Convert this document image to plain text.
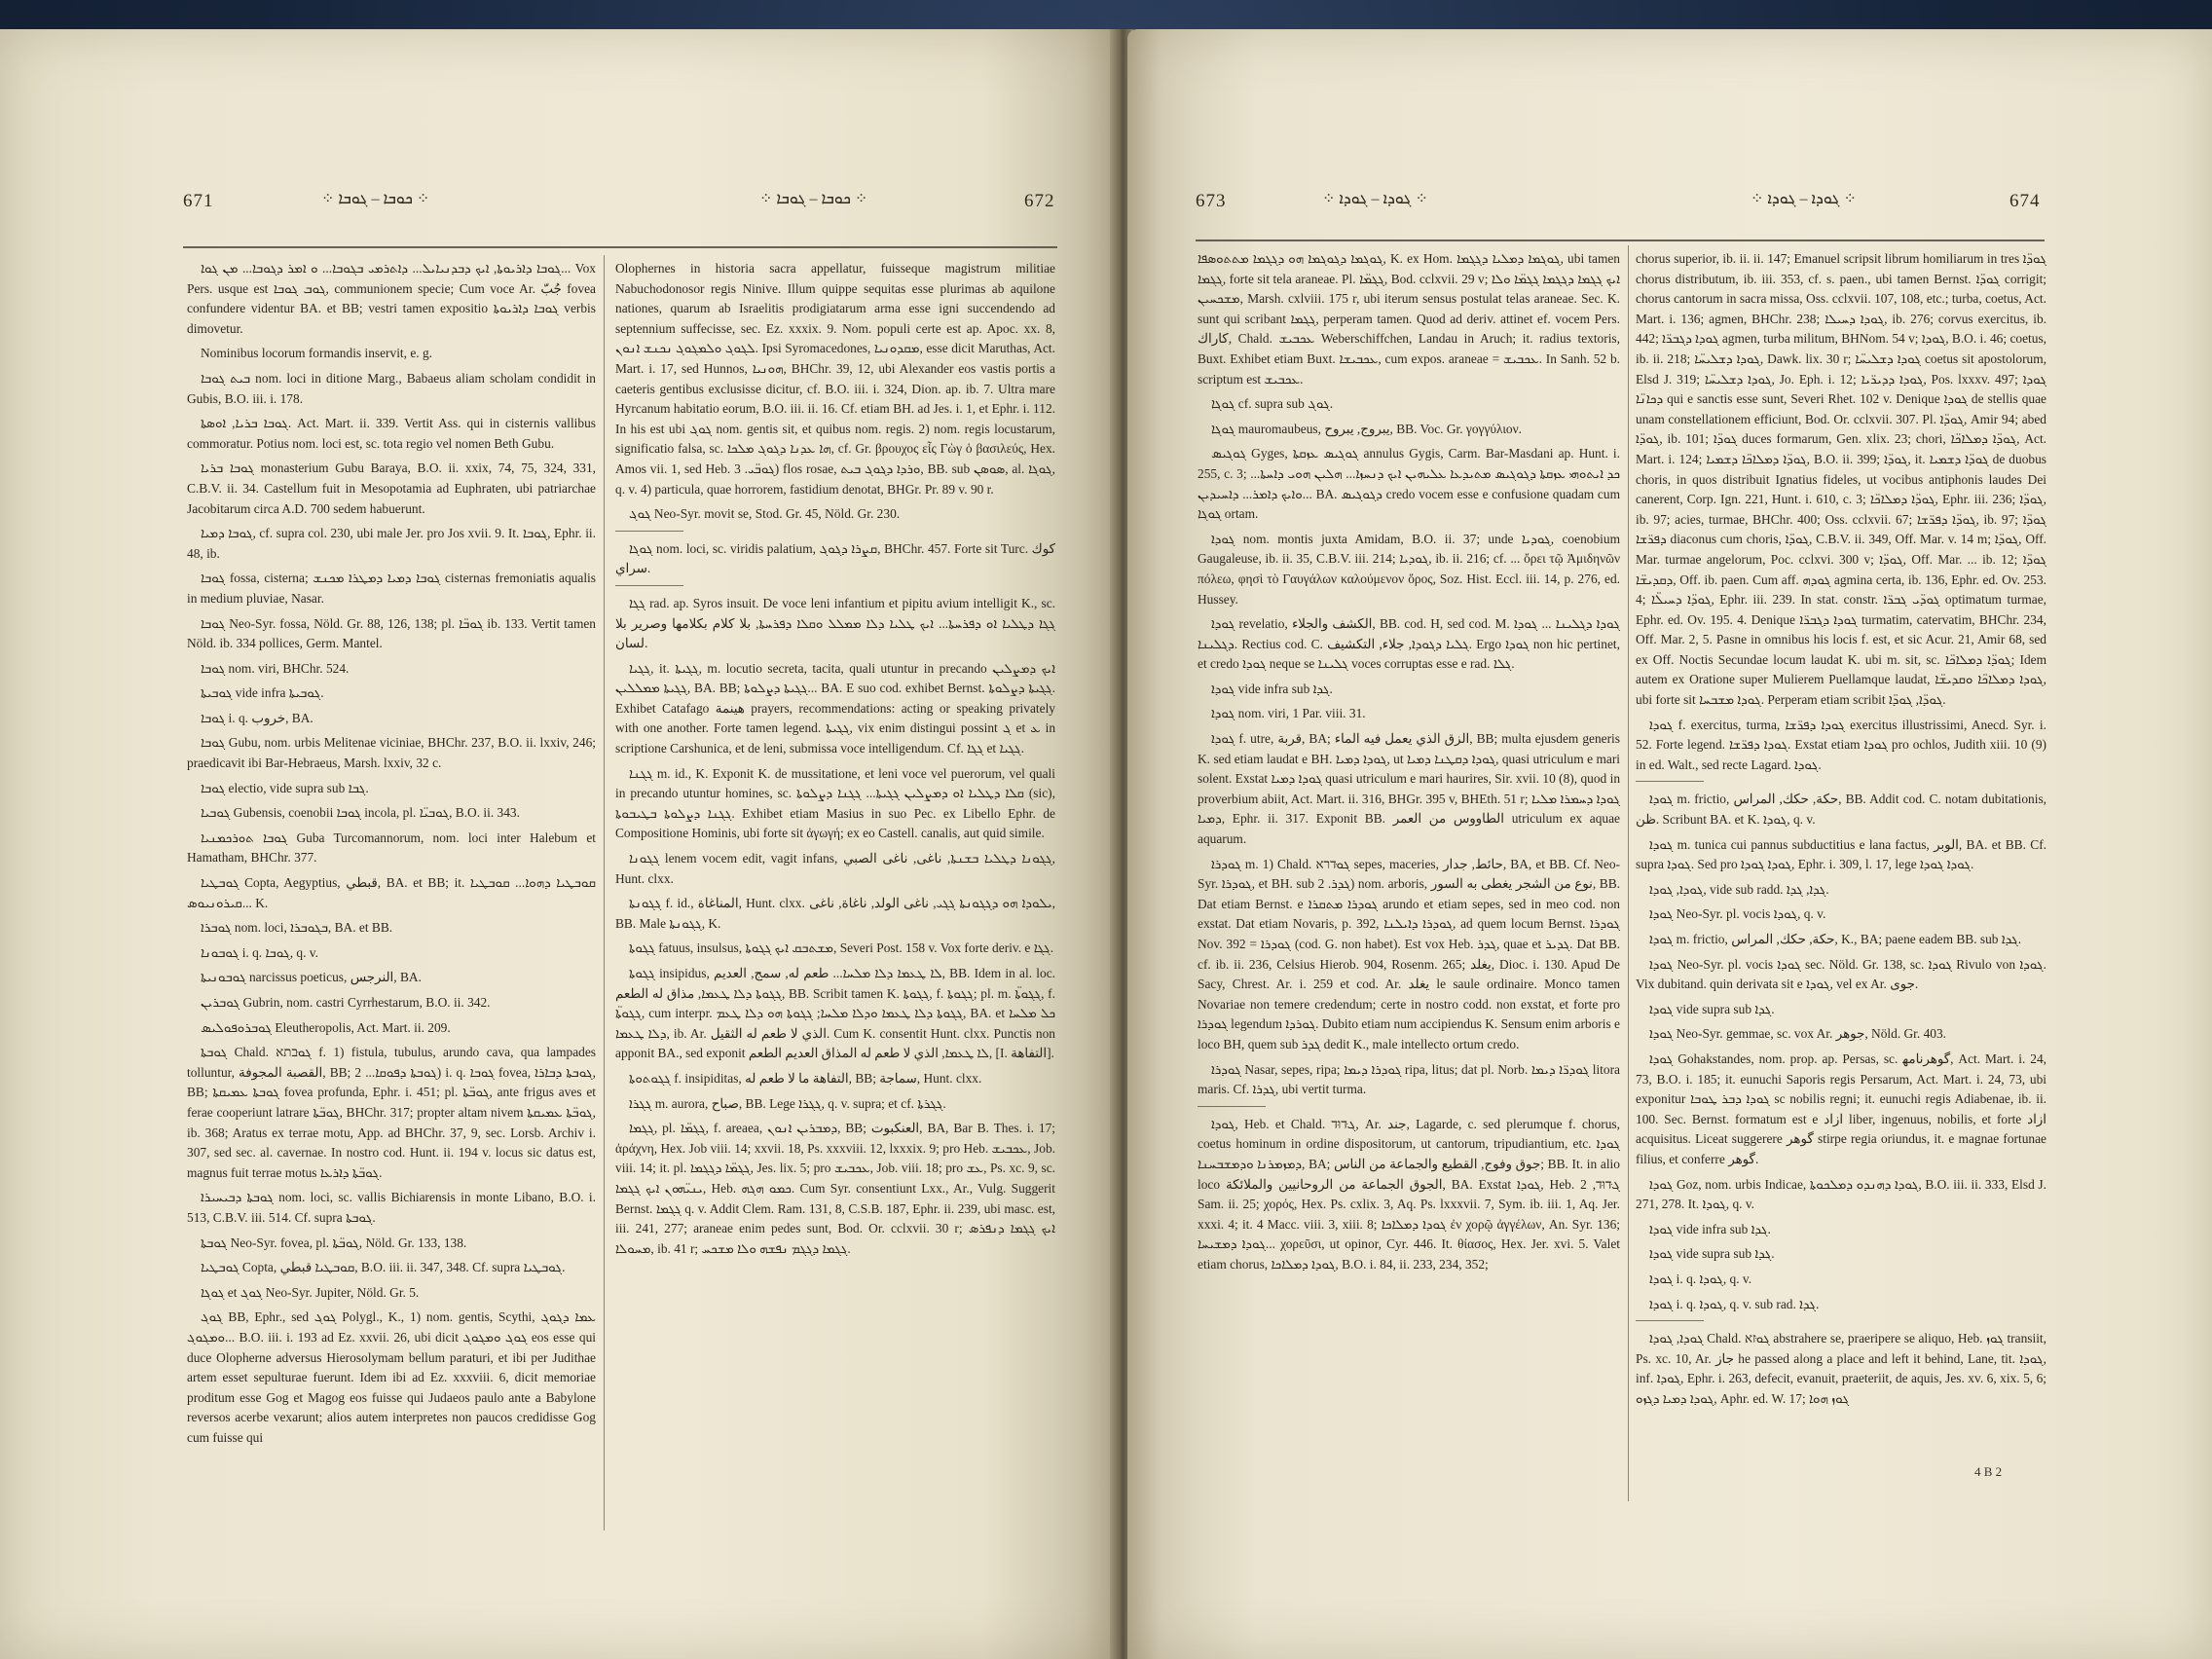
671	⁘ ܟܘܒܐ – ܓܘܒܐ ⁘	⁘ ܟܘܒܐ – ܓܘܒܐ ⁘	672

ܓܘܒܐ ܕܐܪܝܘܬܐ, ܐܝܟ ܕܒܕܢܝܐܝܠ... ܕܐܬܪܡܝ ܒܓܘܒܐ... ܘ ܐܡܪ ܕܓܘܒܐ... ܡܢ ܓܘܐ... Vox Pers. usque est ܓܘܒ ܓܘܒܐ, communionem specie; Cum voce Ar. ﺟُﺐّ fovea confundere videntur BA. et BB; vestri tamen expositio ܓܘܒܐ ܕܐܪܝܘܬܐ verbis dimovetur.

Nominibus locorum formandis inservit, e. g.

ܒܝܬ ܓܘܒܐ nom. loci in ditione Marg., Babaeus aliam scholam condidit in Gubis, B.O. iii. i. 178.

ܓܘܒܐ ܒܪܝܐ, ܐܘܣܬܐ. Act. Mart. ii. 339. Vertit Ass. qui in cisternis vallibus commoratur. Potius nom. loci est, sc. tota regio vel nomen Beth Gubu.

ܓܘܒܐ ܒܪܝܐ monasterium Gubu Baraya, B.O. ii. xxix, 74, 75, 324, 331, C.B.V. ii. 34. Castellum fuit in Mesopotamia ad Euphraten, ubi patriarchae Jacobitarum circa A.D. 700 sedem habuerunt.

ܓܘܒܐ ܕܡܝܐ, cf. supra col. 230, ubi male Jer. pro Jos xvii. 9. It. ܓܘܒܐ, Ephr. ii. 48, ib.

ܓܘܒܐ fossa, cisterna; ܓܘܒܐ ܕܡܝܐ ܕܡܛܪܐ ܡܟܢܫ cisternas fremoniatis aqualis in medium pluviae, Nasar.

ܓܘܒܐ Neo-Syr. fossa, Nöld. Gr. 88, 126, 138; pl. ܓܘܒ̈ܐ ib. 133. Vertit tamen Nöld. ib. 334 pollices, Germ. Mantel.

ܓܘܒܐ nom. viri, BHChr. 524.

ܓܘܒܝܬܐ vide infra ܓܘܒܝܬܐ.

ܓܘܒܐ i. q. ﺧﺮﻭﺏ, BA.

ܓܘܒܐ Gubu, nom. urbis Melitenae viciniae, BHChr. 237, B.O. ii. lxxiv, 246; praedicavit ibi Bar-Hebraeus, Marsh. lxxiv, 32 c.

ܓܘܒܐ electio, vide supra sub ܓܒܐ.

ܓܘܒܝܐ Gubensis, coenobii ܓܘܒܐ incola, pl. ܓܘܒܝ̈ܐ, B.O. ii. 343.

ܓܘܒܐ ܬܘܪܟܡܢܝܐ Guba Turcomannorum, nom. loci inter Halebum et Hamatham, BHChr. 377.

ܓܘܒܛܝܐ Copta, Aegyptius, ﻗﺒﻄﻲ, BA. et BB; it. ܩܘܒܛܝܐ ܕܗܘܐ... ܩܘܒܛܝܐ ܩܝܪܘܢܝܘܣ... K.

ܓܘܒܪܐ nom. loci, ܒܓܘܒܪܐ, BA. et BB.

ܓܘܒܘܢܐ i. q. ܓܘܒܐ, q. v.

ܓܘܒܘܢܝܬܐ narcissus poeticus, ﺍﻟﻨﺮﺟﺲ, BA.

ܓܘܒܪܝܢ Gubrin, nom. castri Cyrrhestarum, B.O. ii. 342.

ܓܘܒܪܘܦܘܠܝܣ Eleutheropolis, Act. Mart. ii. 209.

ܓܘܒܬܐ Chald. ܓܘּבתא f. 1) fistula, tubulus, arundo cava, qua lampades tolluntur, ﺍﻟﻘﺼﺒﺔ ﺍﻟﻤﺠﻮﻓﺔ, BB; ܓܘܒܬܐ ܕܦܘܩܐ... 2) i. q. ܓܘܒܐ fovea, ܓܘܒܬܐ ܕܒܐܪܐ, BB; ܓܘܒܬܐ ܥܡܝܩܬܐ fovea profunda, Ephr. i. 451; pl. ܓܘܒ̈ܬܐ, ante frigus aves et ferae cooperiunt latrare ܓܘܒ̈ܬܐ, BHChr. 317; propter altam nivem ܓܘܒ̈ܬܐ ܥܡܝܩܬܐ, ib. 368; Aratus ex terrae motu, App. ad BHChr. 37, 9, sec. Lorsb. Archiv i. 307, sed sec. al. cavernae. In nostro cod. Hunt. ii. 194 v. locus sic datus est, magnus fuit terrae motus ܓܘܒ̈ܬܐ ܕܐܪܥܐ.

ܓܘܒܬܐ ܕܒܝܚܝܪܐ nom. loci, sc. vallis Bichiarensis in monte Libano, B.O. i. 513, C.B.V. iii. 514. Cf. supra ܓܘܒܬܐ.

ܓܘܒܬܐ Neo-Syr. fovea, pl. ܓܘܒ̈ܬܐ, Nöld. Gr. 133, 138.

ܓܘܒܛܝܐ Copta, ܩܘܒܛܝܐ ﻗﺒﻄﻲ, B.O. iii. ii. 347, 348. Cf. supra ܓܘܒܛܝܐ.

ܓܘܓܐ et ܓܘܓ Neo-Syr. Jupiter, Nöld. Gr. 5.

ܓܘܓ BB, Ephr., sed ܓܘܓ Polygl., K., 1) nom. gentis, Scythi, ܥܡܐ ܕܓܘܓ ܘܡܓܘܓ... B.O. iii. i. 193 ad Ez. xxvii. 26, ubi dicit ܓܘܓ ܘܡܓܘܓ eos esse qui duce Olopherne adversus Hierosolymam bellum paraturi, et ibi per Judithae artem esset sepulturae fuerunt. Idem ibi ad Ez. xxxviii. 6, dicit memoriae proditum esse Gog et Magog eos fuisse qui Judaeos paulo ante a Babylone reversos acerbe vexarunt; alios autem interpretes non paucos credidisse Gog cum fuisse qui

Olophernes in historia sacra appellatur, fuisseque magistrum militiae Nabuchodonosor regis Ninive. Illum quippe sequitas esse plurimas ab aquilone nationes, quarum ab Israelitis prodigiatarum arma esse igni succendendo ad septennium suffecisse, sec. Ez. xxxix. 9. Nom. populi certe est ap. Apoc. xx. 8, ܠܓܘܓ ܘܠܡܓܘܓ ܢܟܢܫ ܐܢܘܢ. Ipsi Syromacedones, ܡܩܕܘܢܝܐ, esse dicit Maruthas, Act. Mart. i. 17, sed Hunnos, ܗܘܢܝܐ, BHChr. 39, 12, ubi Alexander eos vastis portis a caeteris gentibus exclusisse dicitur, cf. B.O. iii. i. 324, Dion. ap. ib. 7. Ultra mare Hyrcanum habitatio eorum, B.O. iii. ii. 16. Cf. etiam BH. ad Jes. i. 1, et Ephr. i. 112. In his est ubi ܓܘܓ nom. gentis sit, et quibus nom. regis. 2) nom. regis locustarum, significatio falsa, sc. ܗܐ ܥܕܢܐ ܕܓܘܓ ܡܠܟܐ, cf. Gr. βρουχος εἷς Γὼγ ὁ βασιλεύς, Hex. Amos vii. 1, sed Heb. ܓܘܒ̈ܝ. 3) flos rosae, ܘܪܕܐ ܕܓܘܓ ܒܝܬ, BB. sub ܣܘܣܢ, al. ܓܘܓܐ, q. v. 4) particula, quae horrorem, fastidium denotat, BHGr. Pr. 89 v. 90 r.

ܓܘܓ Neo-Syr. movit se, Stod. Gr. 45, Nöld. Gr. 230.

ܓܘܓܐ nom. loci, sc. viridis palatium, ܩܨܪܐ ܕܓܘܓ, BHChr. 457. Forte sit Turc. ﻛﻮﻙ ﺳﺮﺍﻱ.

ܓܓܐ rad. ap. Syros insuit. De voce leni infantium et pipitu avium intelligit K., sc. ܓܓܐ ܕܛܠܝܐ ܐܘ ܕܦܪܚܬܐ... ܐܝܟ ܛܠܝܐ ܕܠܐ ܡܡܠܠ ܘܩܠܐ ܕܦܪܚܬܐ, ﺑﻼ ﻛﻼﻡ ﺑﻜﻼﻣﻬﺎ ﻭﺻﺮﻳﺮ ﺑﻼ ﻟﺴﺎﻥ.

ܓܓܝܐ, it. ܓܓܝܬܐ, m. locutio secreta, tacita, quali utuntur in precando ܐܝܟ ܕܡܨܠܝܢ ܓܓܝܬܐ ܡܡܠܠܝܢ, BA. BB; ܓܓܝܬܐ ܕܨܠܘܬܐ... BA. E suo cod. exhibet Bernst. ܓܓܝܬܐ ܕܨܠܘܬܐ. Exhibet Catafago ﻫﻴﻨﻤﺔ prayers, recommendations: acting or speaking privately with one another. Forte tamen legend. ܓܓܝܬܐ, vix enim distingui possint ܓ et ܥ in scriptione Carshunica, et de leni, submissa voce intelligendum. Cf. ܓܓܐ et ܓܓܝܐ.

ܓܓܢܐ m. id., K. Exponit K. de mussitatione, et leni voce vel puerorum, vel quali in precando utuntur homines, sc. ܩܠܐ ܕܛܠܝܐ ܐܘ ܕܡܨܠܝܢ ܓܓܝܬܐ... ܓܓܢܐ ܕܨܠܘܬܐ (sic), ܓܓܢܐ ܕܨܠܘܬܐ ܒܛܝܒܘܬܐ. Exhibet etiam Masius in suo Pec. ex Libello Ephr. de Compositione Hominis, ubi forte sit ἀγωγή; ex eo Castell. canalis, aut quid simile.

ܓܓܘܢܐ lenem vocem edit, vagit infans, ܓܓܘܢܐ ܕܛܠܝܐ ܒܫܢܬܐ, ﻧﺎﻏﻰ, ﻧﺎﻏﻰ ﺍﻟﺼﺒﻲ, Hunt. clxx.

ܓܓܘܢܬܐ f. id., ﺍﻟﻤﻨﺎﻏﺎﺓ, Hunt. clxx. ܝܠܘܕܐ ܗܘ ܕܓܓܘܢܬܐ ܓܓܝ, ﻧﺎﻏﻰ ﺍﻟﻮﻟﺪ, ﻧﺎﻏﺎﺓ, ﻧﺎﻏﻰ, BB. Male ܓܓܘܢܬܐ, K.

ܓܓܘܬܐ fatuus, insulsus, ܡܫܬܒܩ ܐܝܟ ܓܓܘܬܐ, Severi Post. 158 v. Vox forte deriv. e ܓܓܐ.

ܓܓܘܬܐ insipidus, ܠܐ ܛܥܡܐ ܕܠܐ ܡܠܚܐ... ﻃﻌﻢ ﻟﻪ, ﺳﻤﺞ, ﺍﻟﻌﺪﻳﻢ, BB. Idem in al. loc. ܓܓܘܬܐ ܕܠܐ ܛܥܡܐ, ﻣﺬﺍﻕ ﻟﻪ ﺍﻟﻄﻌﻢ, BB. Scribit tamen K. ܓܓܘܬܐ, f. ܓܓܘܬܐ; pl. m. ܓܓܘܬ̈ܐ, f. ܓܓܘܬ̈ܐ, cum interpr. ܓܓܘܬܐ ܕܠܐ ܛܥܡܐ ܘܕܠܐ ܡܠܚܐ; ܓܓܘܬܐ ܗܘ ܕܠܐ ܛܥܡ, BA. et ܟܠ ܡܠܚܐ ܕܠܐ ܛܥܡܐ, ib. Ar. ﺍﻟﺬﻱ ﻻ ﻃﻌﻢ ﻟﻪ ﺍﻟﺜﻘﻴﻞ. Cum K. consentit Hunt. clxx. Punctis non apponit BA., sed exponit ܠܐ ܛܥܡܐ, ﺍﻟﺬﻱ ﻻ ﻃﻌﻢ ﻟﻪ ﺍﻟﻤﺬﺍﻕ ﺍﻟﻌﺪﻳﻢ ﺍﻟﻄﻌﻢ, [I. ﺍﻟﺘﻔﺎﻫﺔ].

ܓܓܘܬܘܬܐ f. insipiditas, ﺍﻟﺘﻔﺎﻫﺔ ﻣﺎ ﻻ ﻃﻌﻢ ﻟﻪ, BB; ﺳﻤﺎﺟﺔ, Hunt. clxx.

ܓܓܪܐ m. aurora, ﺻﺒﺎﺡ, BB. Lege ܓܓܪܐ, q. v. supra; et cf. ܓܓܪܬܐ.

ܓܓܡܐ, pl. ܓܓܡ̈ܐ, f. areaea, ܕܡܒܪܝܢ ܐܢܘܢ, BB; ﺍﻟﻌﻨﻜﺒﻮﺕ, BA, Bar B. Thes. i. 17; ἀράχνη, Hex. Job viii. 14; xxvii. 18, Ps. xxxviii. 12, lxxxix. 9; pro Heb. ܥܟܒܝܫ, Job. viii. 14; it. pl. ܓܓܡ̈ܐ ܕܓܓܡܐ, Jes. lix. 5; pro ܥܟܒܝܫ, Job. viii. 18; pro ܥܫ, Ps. xc. 9, sc. ܝܢܝ̈ܗܘܢ ܐܝܟ ܓܓܡܐ, Heb. ܟܡܘ ܗܓܗ. Cum Syr. consentiunt Lxx., Ar., Vulg. Suggerit Bernst. ܓܓܡܐ q. v. Addit Clem. Ram. 131, 8, C.S.B. 187, Ephr. ii. 239, ubi masc. est, iii. 241, 277; araneae enim pedes sunt, Bod. Or. cclxvii. 30 r; ܐܝܟ ܓܓܡܐ ܕܢܦܪܣ ܡܚܘܠܐ, ib. 41 r; ܓܓܡܐ ܕܓܓܡ ܢܦܫܗ ܘܠܐ ܡܫܟܚ.

673	⁘ ܓܘܕܐ – ܓܘܕܐ ⁘	⁘ ܓܘܕܐ – ܓܘܕܐ ⁘	674

ܓܘܓܡܐ ܕܓܘܓܡܐ ܗܘ ܕܓܓܡܐ ܡܬܬܘܣܦܐ, K. ex Hom. ܓܘܓܡܐ ܕܡܠܝܐ ܕܓܓܡܐ, ubi tamen ܓܓܡܐ, forte sit tela araneae. Pl. ܓܓܡ̈ܐ, Bod. cclxvii. 29 v; ܐܝܟ ܓܓܡܐ ܕܓܓܡܐ ܓܓܡ̈ܐ ܘܠܐ ܡܫܟܚܝܢ, Marsh. cxlviii. 175 r, ubi iterum sensus postulat telas araneae. Sec. K. sunt qui scribant ܓܓܡܐ, perperam tamen. Quod ad deriv. attinet ef. vocem Pers. ﻛﺎﺭﺍﻙ, Chald. ܥܟܒܝܫ Weberschiffchen, Landau in Aruch; it. radius textoris, Buxt. Exhibet etiam Buxt. ܥܟܒܝܫܐ, cum expos. araneae = ܥܟܒܝܫ. In Sanh. 52 b. scriptum est ܥܟܒܝܫ.

ܓܘܓܐ cf. supra sub ܓܘܓ.

ܓܘܓܐ mauromaubeus, ﻳﺒﺮﻭﺝ, ﻳﺒﺮﻭﺡ, BB. Voc. Gr. γογγύλιον.

ܓܘܓܝܣ Gyges, ܓܘܓܝܣ ܥܙܩܬܐ annulus Gygis, Carm. Bar-Masdani ap. Hunt. i. 255, c. 3; ܟܕ ܐܝܬܘܗܝ ܥܙܩܬܐ ܕܓܘܓܝܣ ܡܬܝܕܥܐ ܥܠܝܗܝܢ ܐܝܟ ܕܢܚܙܐ... ܗܠܝܢ ܗܘܝ ܕܐܚܬܐ... ܘܐܝܟ ܕܐܡܪ... ܕܐܚܝܕܝܢ... BA. ܕܓܘܓܝܣ credo vocem esse e confusione quadam cum ܓܘܓܐ ortam.

ܓܘܕܐ nom. montis juxta Amidam, B.O. ii. 37; unde ܓܘܕܝܐ, coenobium Gaugaleuse, ib. ii. 35, C.B.V. iii. 214; ܓܘܕܝܐ, ib. ii. 216; cf. ... ὄρει τῷ Ἀμιδηνῶν πόλεω, φησὶ τὸ Γαυγάλων καλούμενον ὄρος, Soz. Hist. Eccl. iii. 14, p. 276, ed. Hussey.

ܓܘܕܐ revelatio, ﺍﻟﻜﺸﻒ ﻭﺍﻟﺠﻼﺀ, BB. cod. H, sed cod. M. ܓܘܕܐ ܕܓܠܝܢܐ ... ܓܘܕܐ ܕܓܠܝܢܐ. Rectius cod. C. ܓܠܝܐ ܕܓܘܕܐ, ﺟﻠﺎﺀ, ﺍﻟﺘﻜﺸﻴﻒ. Ergo ܓܘܕܐ non hic pertinet, et credo ܓܘܕܐ neque se ܓܠܝܢܐ voces corruptas esse e rad. ܓܠܐ.

ܓܘܕܐ vide infra sub ܓܕܐ.

ܓܘܕܐ nom. viri, 1 Par. viii. 31.

ܓܘܕܐ f. utre, ﻗﺮﺑﺔ, BA; ﺍﻟﺰﻕ ﺍﻟﺬﻱ ﻳﻌﻤﻞ ﻓﻴﻪ ﺍﻟﻤﺎﺀ, BB; multa ejusdem generis K. sed etiam laudat e BH. ܓܘܕܐ ܕܡܝܐ, ut ܓܘܕܐ ܕܩܛܢܐ ܕܡܝܐ, quasi utriculum e mari solent. Exstat ܓܘܕܐ ܕܡܝܐ quasi utriculum e mari haurires, Sir. xvii. 10 (8), quod in proverbium abiit, Act. Mart. ii. 316, BHGr. 395 v, BHEth. 51 r; ܓܘܕܐ ܕܚܡܪܐ ܡܠܝܐ ܕܡܝܐ, Ephr. ii. 317. Exponit BB. ﺍﻟﻄﺎﻭﻭﺱ ﻣﻦ ﺍﻟﻌﻤﺮ utriculum ex aquae aquarum.

ܓܘܕܪܐ m. 1) Chald. ܓܘּדרא sepes, maceries, ﺣﺎﺋﻂ, ﺟﺪﺍﺭ, BA, et BB. Cf. Neo-Syr. ܓܘܕܪܐ, et BH. sub ܓܕܪ. 2) nom. arboris, ﻧﻮﻉ ﻣﻦ ﺍﻟﺸﺠﺮ ﻳﻐﻄﻰ ﺑﻪ ﺍﻟﺴﻮﺭ, BB. Dat etiam Bernst. e ܓܘܕܪܐ ܡܬܩܪܐ arundo et etiam sepes, sed in meo cod. non exstat. Dat etiam Novaris, p. 392, ܓܘܕܪܐ ܕܐܝܠܢܐ, ad quem locum Bernst. ܓܘܕܪܐ Nov. 392 = ܓܘܕܪܐ (cod. G. non habet). Est vox Heb. ܓܕܪ, quae et ܓܕܝܪ. Dat BB. cf. ib. ii. 236, Celsius Hierob. 904, Rosenm. 265; ﻳﻐﻠﺪ, Dioc. i. 130. Apud De Sacy, Chrest. Ar. i. 259 et cod. Ar. ﻳﻐﻠﺪ le saule ordinaire. Monco tamen Novariae non temere credendum; certe in nostro codd. non exstat, et forte pro ܓܘܕܪܐ legendum ܓܘܪܕܐ. Dubito etiam num accipiendus K. Sensum enim arboris e loco BH, quem sub ܓܕܪ dedit K., male intellecto ortum credo.

ܓܘܕܪܐ Nasar, sepes, ripa; ܓܘܕܪܐ ܕܝܡܐ ripa, litus; dat pl. Norb. ܓܘܕܪ̈ܐ ܕܝܡܐ litora maris. Cf. ܓܕܪܐ, ubi vertit turma.

ܓܘܕܐ, Heb. et Chald. ܓּדוּד, Ar. ﺟﻨﺪ, Lagarde, c. sed plerumque f. chorus, coetus hominum in ordine dispositorum, ut cantorum, tripudiantium, etc. ܓܘܕܐ ܕܡܙܡܪܢܐ ܘܕܡܫܒܚܢܐ, BA; ﺟﻮﻕ ﻭﻓﻮﺝ, ﺍﻟﻘﻄﻴﻊ ﻭﺍﻟﺠﻤﺎﻋﺔ ﻣﻦ ﺍﻟﻨﺎﺱ; BB. It. in alio loco ﺍﻟﺠﻮﻕ ﺍﻟﺠﻤﺎﻋﺔ ﻣﻦ ﺍﻟﺮﻭﺣﺎﻧﻴﻴﻦ ﻭﺍﻟﻤﻼﺋﻜﺔ, BA. Exstat ܓܘܕܐ, Heb. ܓּדוּד, 2 Sam. ii. 25; χορός, Hex. Ps. cxlix. 3, Aq. Ps. lxxxvii. 7, Sym. ib. iii. 1, Aq. Jer. xxxi. 4; it. 4 Macc. viii. 3, xiii. 8; ܓܘܕܐ ܕܡܠܐܟܐ ἐν χορῷ ἀγγέλων, An. Syr. 136; ܓܘܕܐ ܕܡܫܝܚܐ... χορεῦσι, ut opinor, Cyr. 446. It. θίασος, Hex. Jer. xvi. 5. Valet etiam chorus, ܓܘܕܐ ܕܡܠܐܟܐ, B.O. i. 84, ii. 233, 234, 352;

chorus superior, ib. ii. ii. 147; Emanuel scripsit librum homiliarum in tres ܓܘܕ̈ܐ chorus distributum, ib. iii. 353, cf. s. paen., ubi tamen Bernst. ܓܘܕ̈ܐ corrigit; chorus cantorum in sacra missa, Oss. cclxvii. 107, 108, etc.; turba, coetus, Act. Mart. i. 136; agmen, BHChr. 238; ܓܘܕܐ ܕܚܝܠܐ, ib. 276; corvus exercitus, ib. 442; ܓܘܕܐ ܕܓܒܪ̈ܐ agmen, turba militum, BHNom. 54 v; ܓܘܕܐ, B.O. i. 46; coetus, ib. ii. 218; ܓܘܕܐ ܕܫܠܝܚ̈ܐ, Dawk. lix. 30 r; ܓܘܕܐ ܕܫܠܝܚ̈ܐ coetus sit apostolorum, Elsd J. 319; ܓܘܕܐ ܕܫܠܝܚ̈ܐ, Jo. Eph. i. 12; ܓܘܕܐ ܕܕܝܪ̈ܝܐ, Pos. lxxxv. 497; ܓܘܕܐ ܕܟܐܢ̈ܐ qui e sanctis esse sunt, Severi Rhet. 102 v. Denique ܓܘܕܐ de stellis quae unam constellationem efficiunt, Bod. Or. cclxvii. 307. Pl. ܓܘܕ̈ܐ, Amir 94; abed ܓܘܕ̈ܐ, ib. 101; ܓܘܕ̈ܐ duces formarum, Gen. xlix. 23; chori, ܓܘܕ̈ܐ ܕܡܠܐܟ̈ܐ, Act. Mart. i. 124; ܓܘܕ̈ܐ ܕܡܠܐܟ̈ܐ ܕܫܡܝܐ, B.O. ii. 399; ܓܘܕ̈ܐ, it. ܓܘܕ̈ܐ ܕܫܡܝܐ de duobus choris, in quos distribuit Ignatius fideles, ut vocibus antiphonis laudes Dei canerent, Corp. Ign. 221, Hunt. i. 610, c. 3; ܓܘܕ̈ܐ ܕܡܠܐܟ̈ܐ, Ephr. iii. 236; ܓܘܕ̈ܐ, ib. 97; acies, turmae, BHChr. 400; Oss. cclxvii. 67; ܓܘܕ̈ܐ ܕܦܪ̈ܫܐ, ib. 97; ܓܘܕ̈ܐ ܕܦܪ̈ܫܐ diaconus cum choris, ܓܘܕ̈ܐ, C.B.V. ii. 349, Off. Mar. v. 14 m; ܓܘܕ̈ܐ, Off. Mar. turmae angelorum, Poc. cclxvi. 300 v; ܓܘܕ̈ܐ, Off. Mar. ... ib. 12; ܓܘܕ̈ܐ ܕܩܕܝܫ̈ܐ, Off. ib. paen. Cum aff. ܓܘܕܗ agmina certa, ib. 136, Ephr. ed. Ov. 253. 4; ܓܘܕ̈ܐ ܕܚܝܠ̈ܐ, Ephr. iii. 239. In stat. constr. ܓܘܕ̈ܝ ܓܒܪ̈ܐ optimatum turmae, Ephr. ed. Ov. 195. 4. Denique ܓܘܕܐ ܕܓܒܪ̈ܐ turmatim, catervatim, BHChr. 234, Off. Mar. 2, 5. Pasne in omnibus his locis f. est, et sic Acur. 21, Amir 68, sed ex Off. Noctis Secundae locum laudat K. ubi m. sit, sc. ܓܘܕ̈ܐ ܕܡܠܐܟ̈ܐ; Idem autem ex Oratione super Mulierem Puellamque laudat, ܓܘܕܐ ܕܡܠܐܟ̈ܐ ܘܩܕܝܫ̈ܐ, ubi forte sit ܓܘܕܐ ܡܫܒܚܐ. Perperam etiam scribit ܓܘܕ̈ܐ, ܓܘܕ̈ܐ.

ܓܘܕܐ f. exercitus, turma, ܓܘܕܐ ܕܦܪ̈ܫܐ exercitus illustrissimi, Anecd. Syr. i. 52. Forte legend. ܓܘܕܐ ܕܦܪ̈ܫܐ. Exstat etiam ܓܘܕܐ pro ochlos, Judith xiii. 10 (9) in ed. Walt., sed recte Lagard. ܓܘܕܐ.

ܓܘܕܐ m. frictio, ﺣﻜﺔ, ﺣﻜﻚ, ﺍﻟﻤﺮﺍﺱ, BB. Addit cod. C. notam dubitationis, ﻇﻦ. Scribunt BA. et K. ܓܘܕܐ, q. v.

ܓܘܕܐ m. tunica cui pannus subductitius e lana factus, ﺍﻟﻮﺑﺮ, BA. et BB. Cf. supra ܓܘܕܐ. Sed pro ܓܘܕܐ ܓܘܕܐ, Ephr. i. 309, l. 17, lege ܓܘܕܐ ܓܘܕܐ.

ܓܘܕܐ, ܓܘܕܐ, vide sub radd. ܓܕܐ, ܓܕܐ.

ܓܘܕܐ Neo-Syr. pl. vocis ܓܘܕܐ, q. v.

ܓܘܕܐ m. frictio, ﺣﻜﺔ, ﺣﻜﻚ, ﺍﻟﻤﺮﺍﺱ, K., BA; paene eadem BB. sub ܓܕܐ.

ܓܘܕܐ Neo-Syr. pl. vocis ܓܘܕܐ sec. Nöld. Gr. 138, sc. ܓܘܕܐ Rivulo von ܓܘܕܐ. Vix dubitand. quin derivata sit e ܓܘܕܐ, vel ex Ar. ﺟﻮﻯ.

ܓܘܕܐ vide supra sub ܓܕܐ.

ܓܘܕܐ Neo-Syr. gemmae, sc. vox Ar. ﺟﻮﻫﺮ, Nöld. Gr. 403.

ܓܘܕܐ Gohakstandes, nom. prop. ap. Persas, sc. ﮔﻮﻫﺮﻧﺎﻣﻬ, Act. Mart. i. 24, 73, B.O. i. 185; it. eunuchi Saporis regis Persarum, Act. Mart. i. 24, 73, ubi exponitur ܓܘܕܐ ܕܒܪ ܛܘܒܐ sc nobilis regni; it. eunuchi regis Adiabenae, ib. ii. 100. Sec. Bernst. formatum est e ﺍﺯﺍﺩ liber, ingenuus, nobilis, et forte ﺍﺯﺍﺩ acquisitus. Liceat suggerere ﮔﻮﻫﺮ stirpe regia oriundus, it. e magnae fortunae filius, et conferre ﮔﻮﻫﺮ.

ܓܘܕܐ Goz, nom. urbis Indicae, ܓܘܕܐ ܕܗܢܕܘ ܕܡܠܟܘܬܐ, B.O. iii. ii. 333, Elsd J. 271, 278. It. ܓܘܕܐ, q. v.

ܓܘܕܐ vide infra sub ܓܕܐ.

ܓܘܕܐ vide supra sub ܓܕܐ.

ܓܘܕܐ i. q. ܓܘܕܐ, q. v.

ܓܘܕܐ i. q. ܓܘܕܐ, q. v. sub rad. ܓܕܐ.

ܓܘܕܐ, ܓܘܕܐ Chald. ܓܘּזא abstrahere se, praeripere se aliquo, Heb. ܓܘܙ transiit, Ps. xc. 10, Ar. ﺟﺎﺯ he passed along a place and left it behind, Lane, tit. ܓܘܕܐ, inf. ܓܘܕܐ, Ephr. i. 263, defecit, evanuit, praeteriit, de aquis, Jes. xv. 6, xix. 5, 6; ܓܘܕܐ ܕܡܝܐ ܕܓܙܘ, Aphr. ed. W. 17; ܓܘܙ ܗܘܐ

4 B 2
